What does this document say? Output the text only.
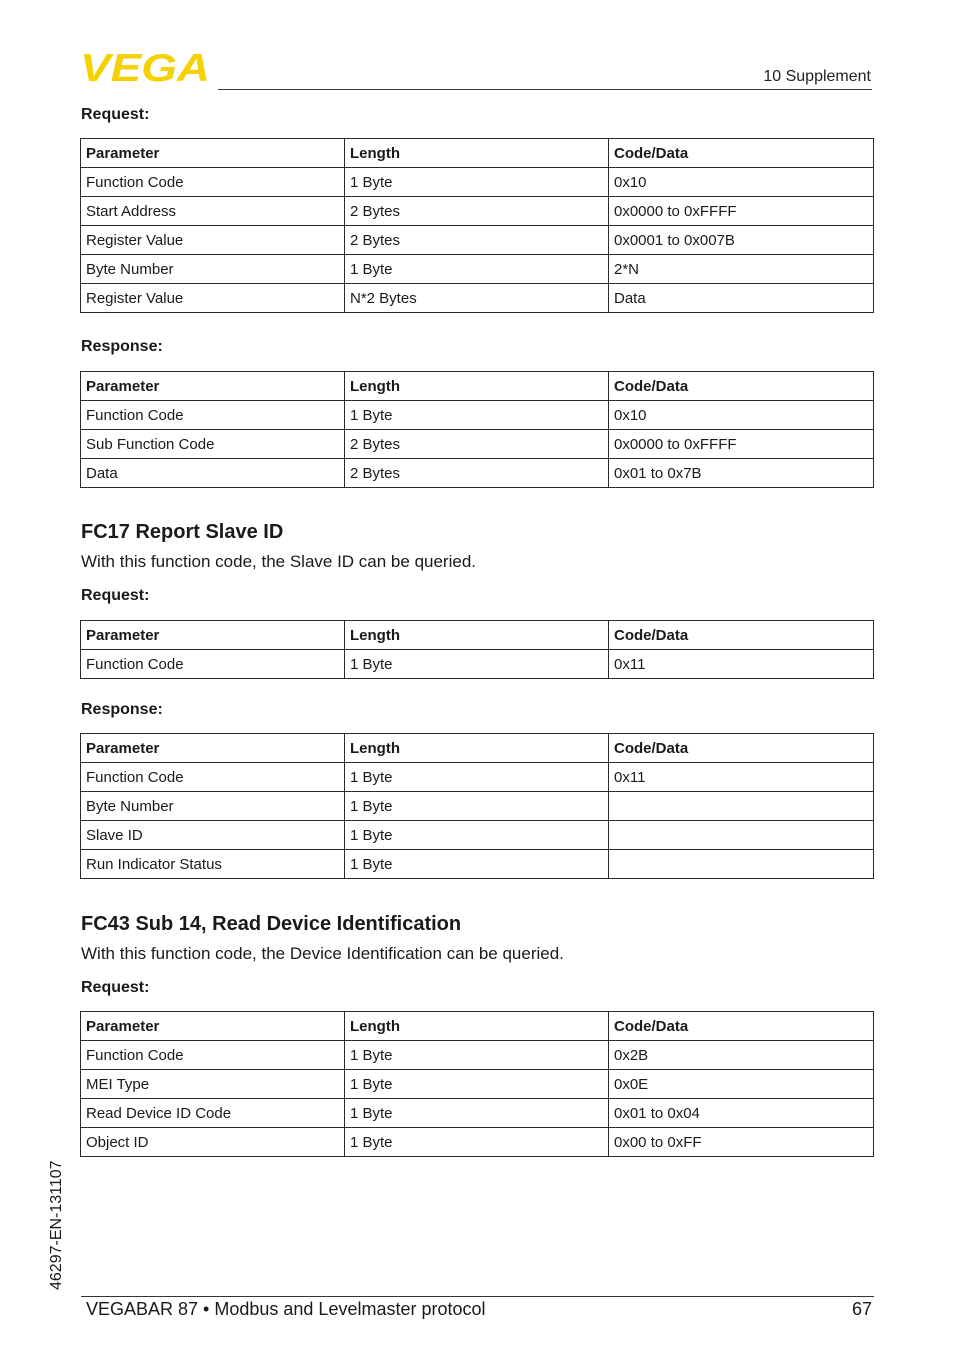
VEGA	10 Supplement
Request:
Parameter	Length	Code/Data
Function Code	1 Byte	0x10
Start Address	2 Bytes	0x0000 to 0xFFFF
Register Value	2 Bytes	0x0001 to 0x007B
Byte Number	1 Byte	2*N
Register Value	N*2 Bytes	Data
Response:
Parameter	Length	Code/Data
Function Code	1 Byte	0x10
Sub Function Code	2 Bytes	0x0000 to 0xFFFF
Data	2 Bytes	0x01 to 0x7B
FC17 Report Slave ID
With this function code, the Slave ID can be queried.
Request:
Parameter	Length	Code/Data
Function Code	1 Byte	0x11
Response:
Parameter	Length	Code/Data
Function Code	1 Byte	0x11
Byte Number	1 Byte	
Slave ID	1 Byte	
Run Indicator Status	1 Byte	
FC43 Sub 14, Read Device Identification
With this function code, the Device Identification can be queried.
Request:
Parameter	Length	Code/Data
Function Code	1 Byte	0x2B
MEI Type	1 Byte	0x0E
Read Device ID Code	1 Byte	0x01 to 0x04
Object ID	1 Byte	0x00 to 0xFF
46297-EN-131107
VEGABAR 87 • Modbus and Levelmaster protocol	67
